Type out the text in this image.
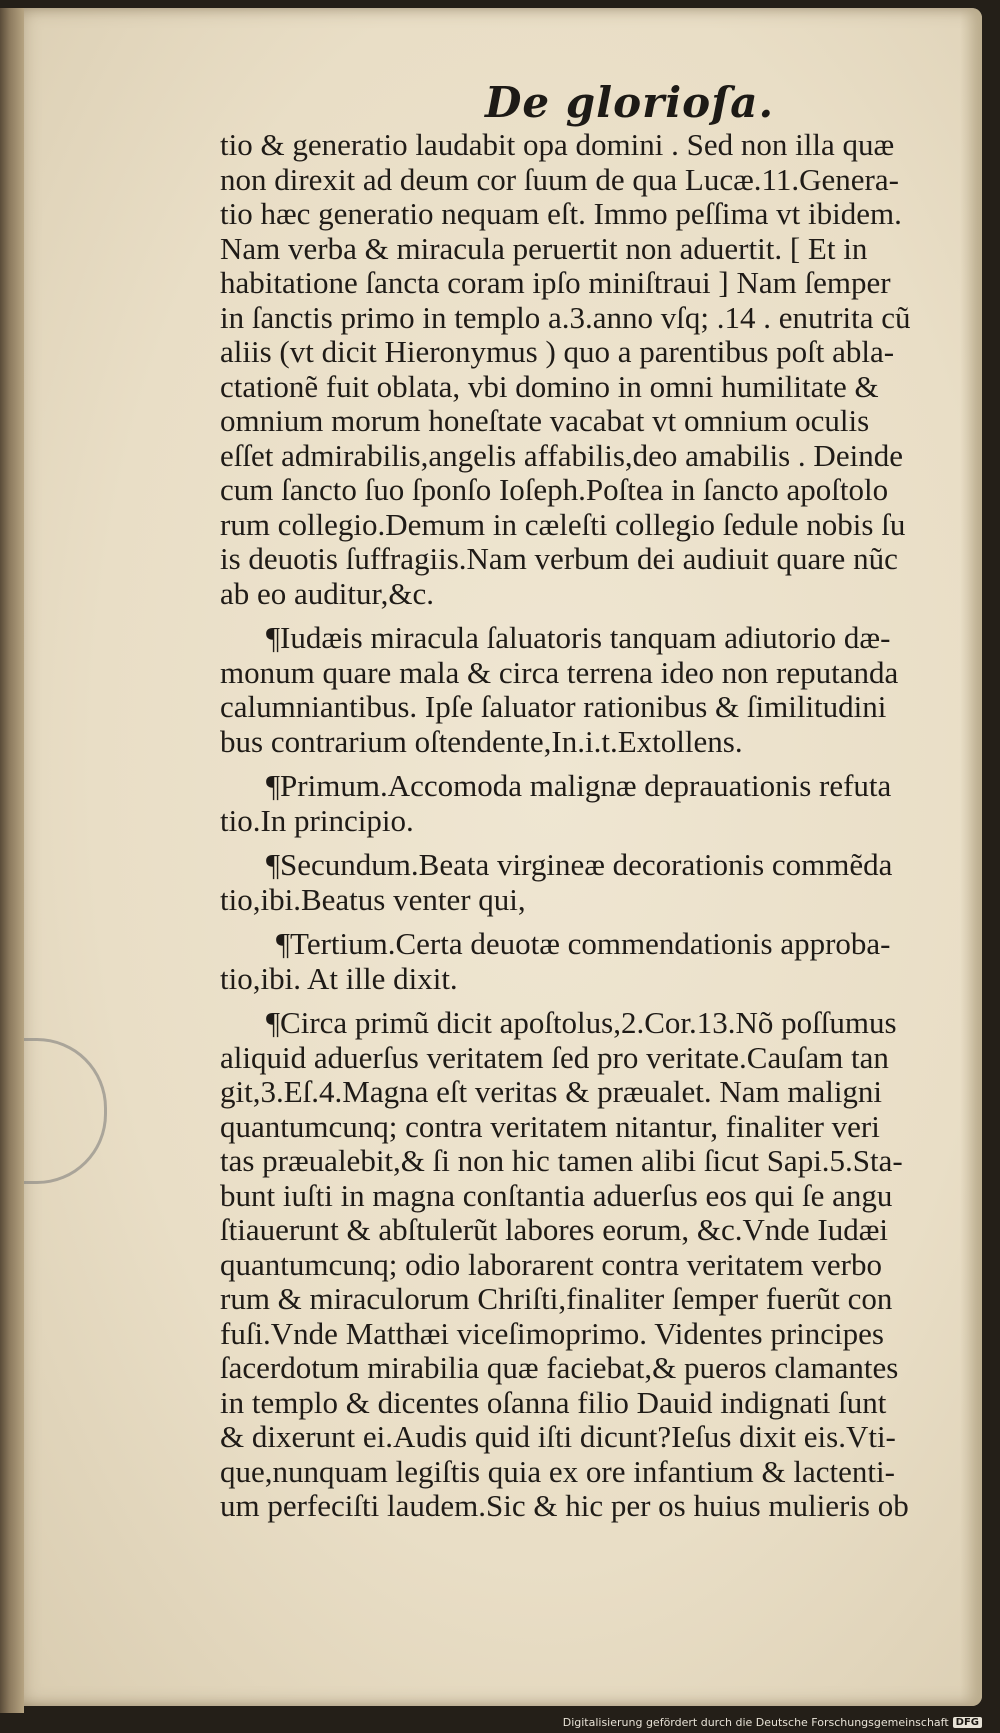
De glorioſa.
tio & generatio laudabit opa domini . Sed non illa quæ
non direxit ad deum cor ſuum de qua Lucæ.11.Genera-
tio hæc generatio nequam eſt. Immo peſſima vt ibidem.
Nam verba & miracula peruertit non aduertit. [ Et in
habitatione ſancta coram ipſo miniſtraui ] Nam ſemper
in ſanctis primo in templo a.3.anno vſq; .14 . enutrita cũ
aliis (vt dicit Hieronymus ) quo a parentibus poſt abla-
ctationẽ fuit oblata, vbi domino in omni humilitate &
omnium morum honeſtate vacabat vt omnium oculis
eſſet admirabilis,angelis affabilis,deo amabilis . Deinde
cum ſancto ſuo ſponſo Ioſeph.Poſtea in ſancto apoſtolo
rum collegio.Demum in cæleſti collegio ſedule nobis ſu
is deuotis ſuffragiis.Nam verbum dei audiuit quare nũc
ab eo auditur,&c.
¶Iudæis miracula ſaluatoris tanquam adiutorio dæ-
monum quare mala & circa terrena ideo non reputanda
calumniantibus. Ipſe ſaluator rationibus & ſimilitudini
bus contrarium oſtendente,In.i.t.Extollens.
¶Primum.Accomoda malignæ deprauationis refuta
tio.In principio.
¶Secundum.Beata virgineæ decorationis commẽda
tio,ibi.Beatus venter qui,
¶Tertium.Certa deuotæ commendationis approba-
tio,ibi. At ille dixit.
¶Circa primũ dicit apoſtolus,2.Cor.13.Nõ poſſumus
aliquid aduerſus veritatem ſed pro veritate.Cauſam tan
git,3.Eſ.4.Magna eſt veritas & præualet. Nam maligni
quantumcunq; contra veritatem nitantur, finaliter veri
tas præualebit,& ſi non hic tamen alibi ſicut Sapi.5.Sta-
bunt iuſti in magna conſtantia aduerſus eos qui ſe angu
ſtiauerunt & abſtulerũt labores eorum, &c.Vnde Iudæi
quantumcunq; odio laborarent contra veritatem verbo
rum & miraculorum Chriſti,finaliter ſemper fuerũt con
fuſi.Vnde Matthæi viceſimoprimo. Videntes principes
ſacerdotum mirabilia quæ faciebat,& pueros clamantes
in templo & dicentes oſanna filio Dauid indignati ſunt
& dixerunt ei.Audis quid iſti dicunt?Ieſus dixit eis.Vti-
que,nunquam legiſtis quia ex ore infantium & lactenti-
um perfeciſti laudem.Sic & hic per os huius mulieris ob
Digitalisierung gefördert durch die Deutsche Forschungsgemeinschaft DFG
